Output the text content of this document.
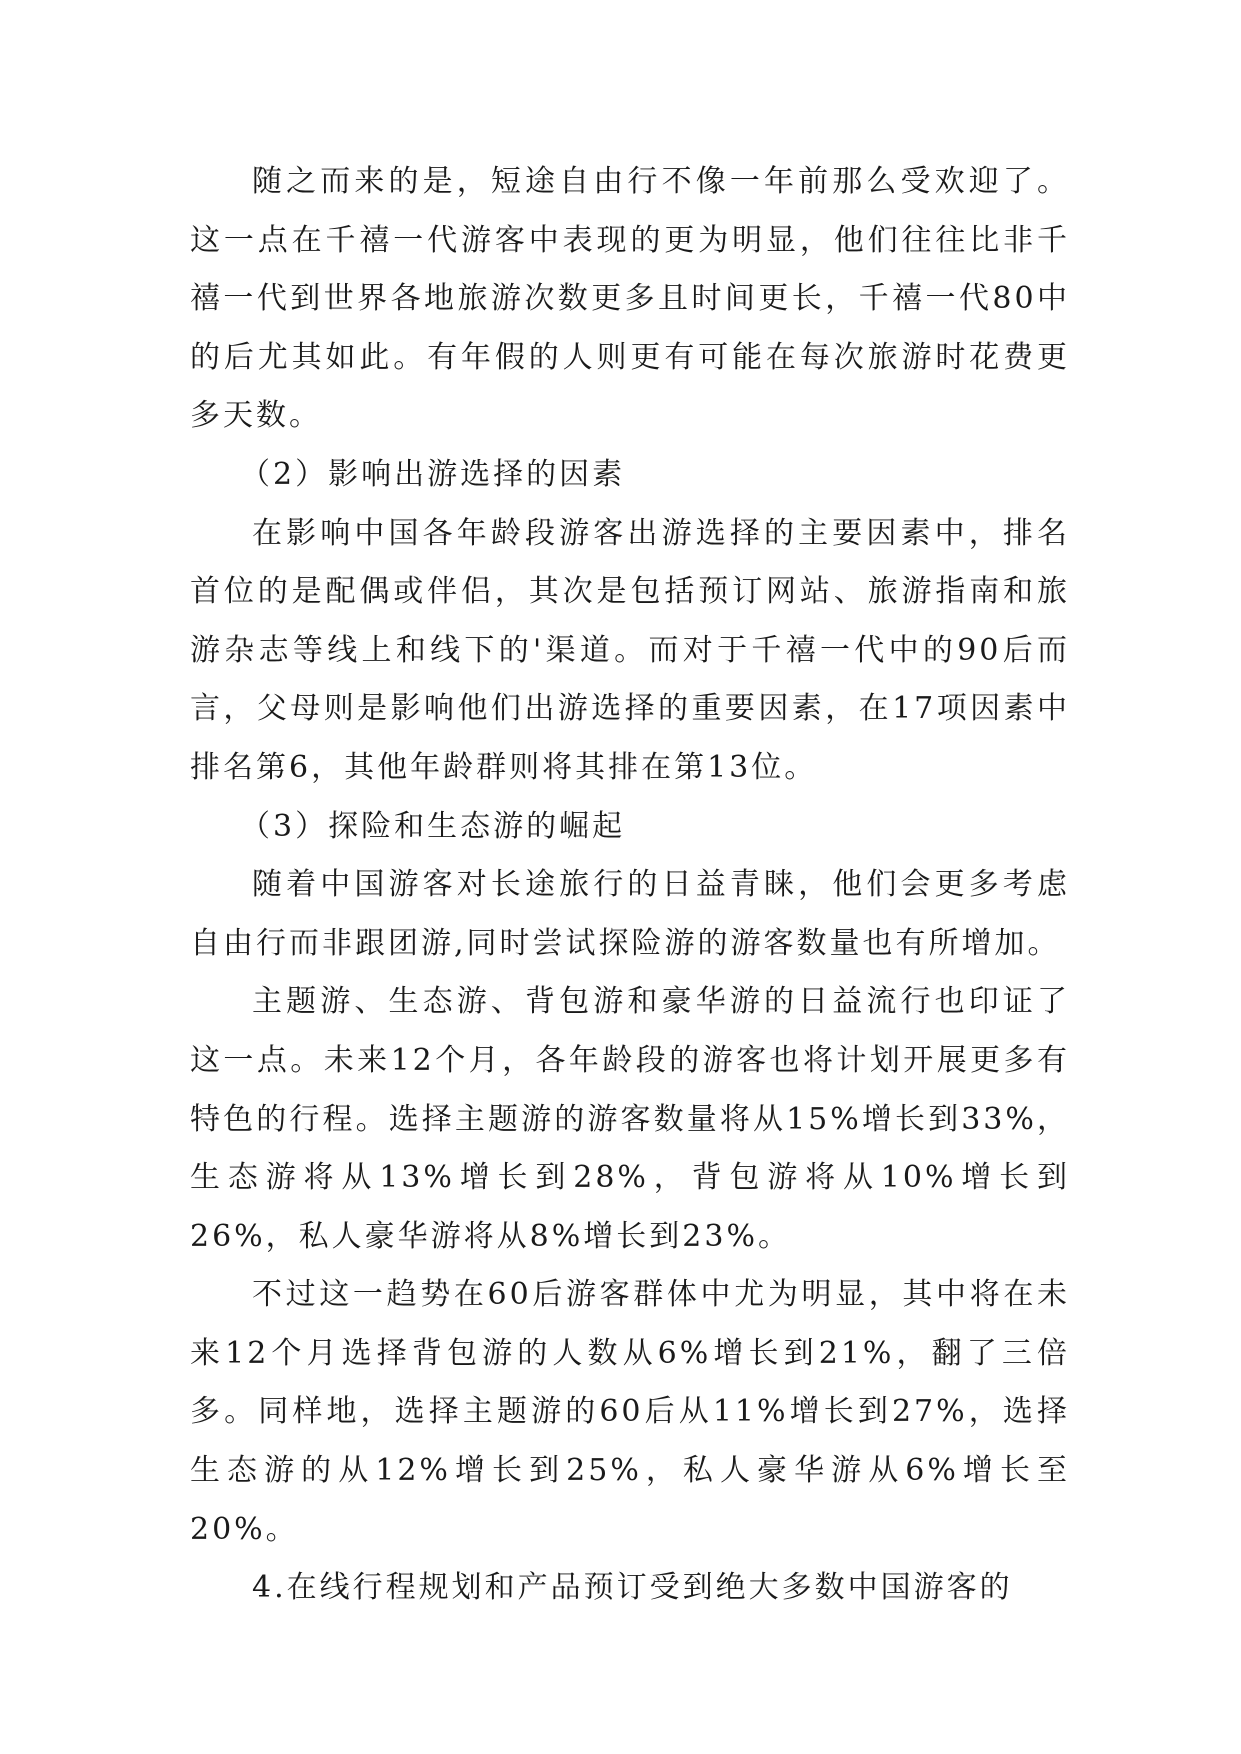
随之而来的是，短途自由行不像一年前那么受欢迎了。这一点在千禧一代游客中表现的更为明显，他们往往比非千禧一代到世界各地旅游次数更多且时间更长，千禧一代80中的后尤其如此。有年假的人则更有可能在每次旅游时花费更多天数。

（2）影响出游选择的因素

在影响中国各年龄段游客出游选择的主要因素中，排名首位的是配偶或伴侣，其次是包括预订网站、旅游指南和旅游杂志等线上和线下的'渠道。而对于千禧一代中的90后而言，父母则是影响他们出游选择的重要因素，在17项因素中排名第6，其他年龄群则将其排在第13位。

（3）探险和生态游的崛起

随着中国游客对长途旅行的日益青睐，他们会更多考虑自由行而非跟团游,同时尝试探险游的游客数量也有所增加。

主题游、生态游、背包游和豪华游的日益流行也印证了这一点。未来12个月，各年龄段的游客也将计划开展更多有特色的行程。选择主题游的游客数量将从15%增长到33%，生态游将从13%增长到28%，背包游将从10%增长到26%，私人豪华游将从8%增长到23%。

不过这一趋势在60后游客群体中尤为明显，其中将在未来12个月选择背包游的人数从6%增长到21%，翻了三倍多。同样地，选择主题游的60后从11%增长到27%，选择生态游的从12%增长到25%，私人豪华游从6%增长至20%。

4.在线行程规划和产品预订受到绝大多数中国游客的
